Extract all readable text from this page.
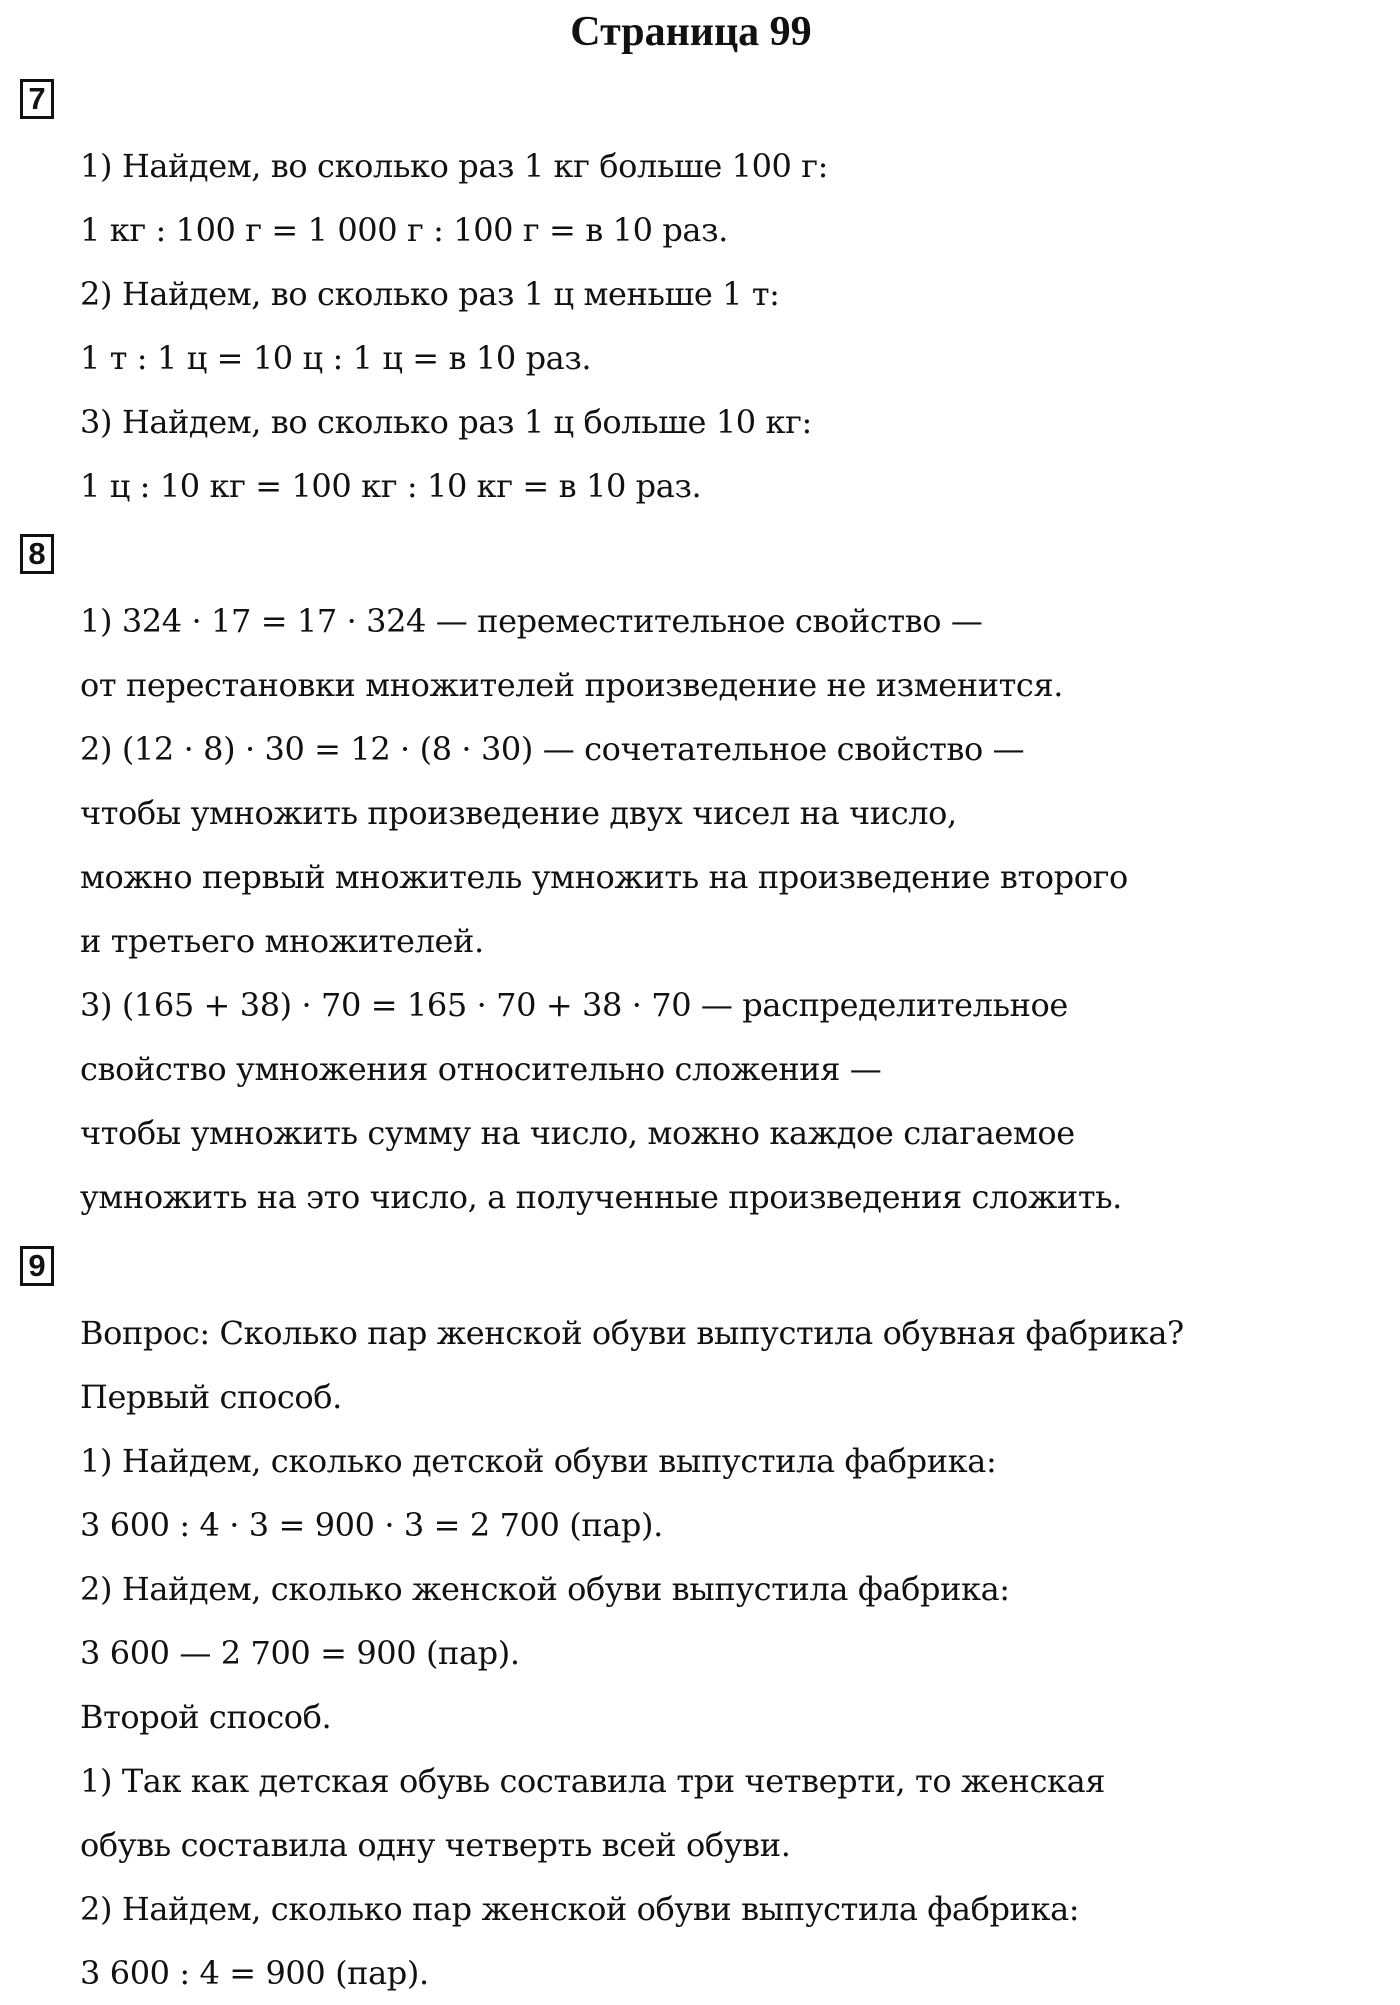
Страница 99
7
1) Найдем, во сколько раз 1 кг больше 100 г:
1 кг : 100 г = 1 000 г : 100 г = в 10 раз.
2) Найдем, во сколько раз 1 ц меньше 1 т:
1 т : 1 ц = 10 ц : 1 ц = в 10 раз.
3) Найдем, во сколько раз 1 ц больше 10 кг:
1 ц : 10 кг = 100 кг : 10 кг = в 10 раз.
8
1) 324 · 17 = 17 · 324 — переместительное свойство —
от перестановки множителей произведение не изменится.
2) (12 · 8) · 30 = 12 · (8 · 30) — сочетательное свойство —
чтобы умножить произведение двух чисел на число,
можно первый множитель умножить на произведение второго
и третьего множителей.
3) (165 + 38) · 70 = 165 · 70 + 38 · 70 — распределительное
свойство умножения относительно сложения —
чтобы умножить сумму на число, можно каждое слагаемое
умножить на это число, а полученные произведения сложить.
9
Вопрос: Сколько пар женской обуви выпустила обувная фабрика?
Первый способ.
1) Найдем, сколько детской обуви выпустила фабрика:
3 600 : 4 · 3 = 900 · 3 = 2 700 (пар).
2) Найдем, сколько женской обуви выпустила фабрика:
3 600 — 2 700 = 900 (пар).
Второй способ.
1) Так как детская обувь составила три четверти, то женская
обувь составила одну четверть всей обуви.
2) Найдем, сколько пар женской обуви выпустила фабрика:
3 600 : 4 = 900 (пар).
